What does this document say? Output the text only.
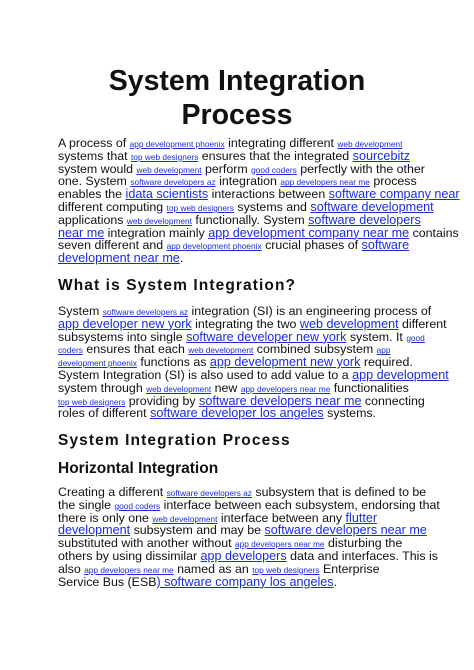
System Integration
Process
A process of app development phoenix integrating different web development
systems that top web designers ensures that the integrated sourcebitz
system would web development perform good coders perfectly with the other
one. System software developers az integration app developers near me process
enables the idata scientists interactions between software company near
different computing top web designers systems and software development
applications web development functionally. System software developers
near me integration mainly app development company near me contains
seven different and app development phoenix crucial phases of software
development near me.
What is System Integration?
System software developers az integration (SI) is an engineering process of
app developer new york integrating the two web development different
subsystems into single software developer new york system. It good
coders ensures that each web development combined subsystem app
development phoenix functions as app development new york required.
System Integration (SI) is also used to add value to a app development
system through web development new app developers near me functionalities
top web designers providing by software developers near me connecting
roles of different software developer los angeles systems.
System Integration Process
Horizontal Integration
Creating a different software developers az subsystem that is defined to be
the single good coders interface between each subsystem, endorsing that
there is only one web development interface between any flutter
development subsystem and may be software developers near me
substituted with another without app developers near me disturbing the
others by using dissimilar app developers data and interfaces. This is
also app developers near me named as an top web designers Enterprise
Service Bus (ESB) software company los angeles.
